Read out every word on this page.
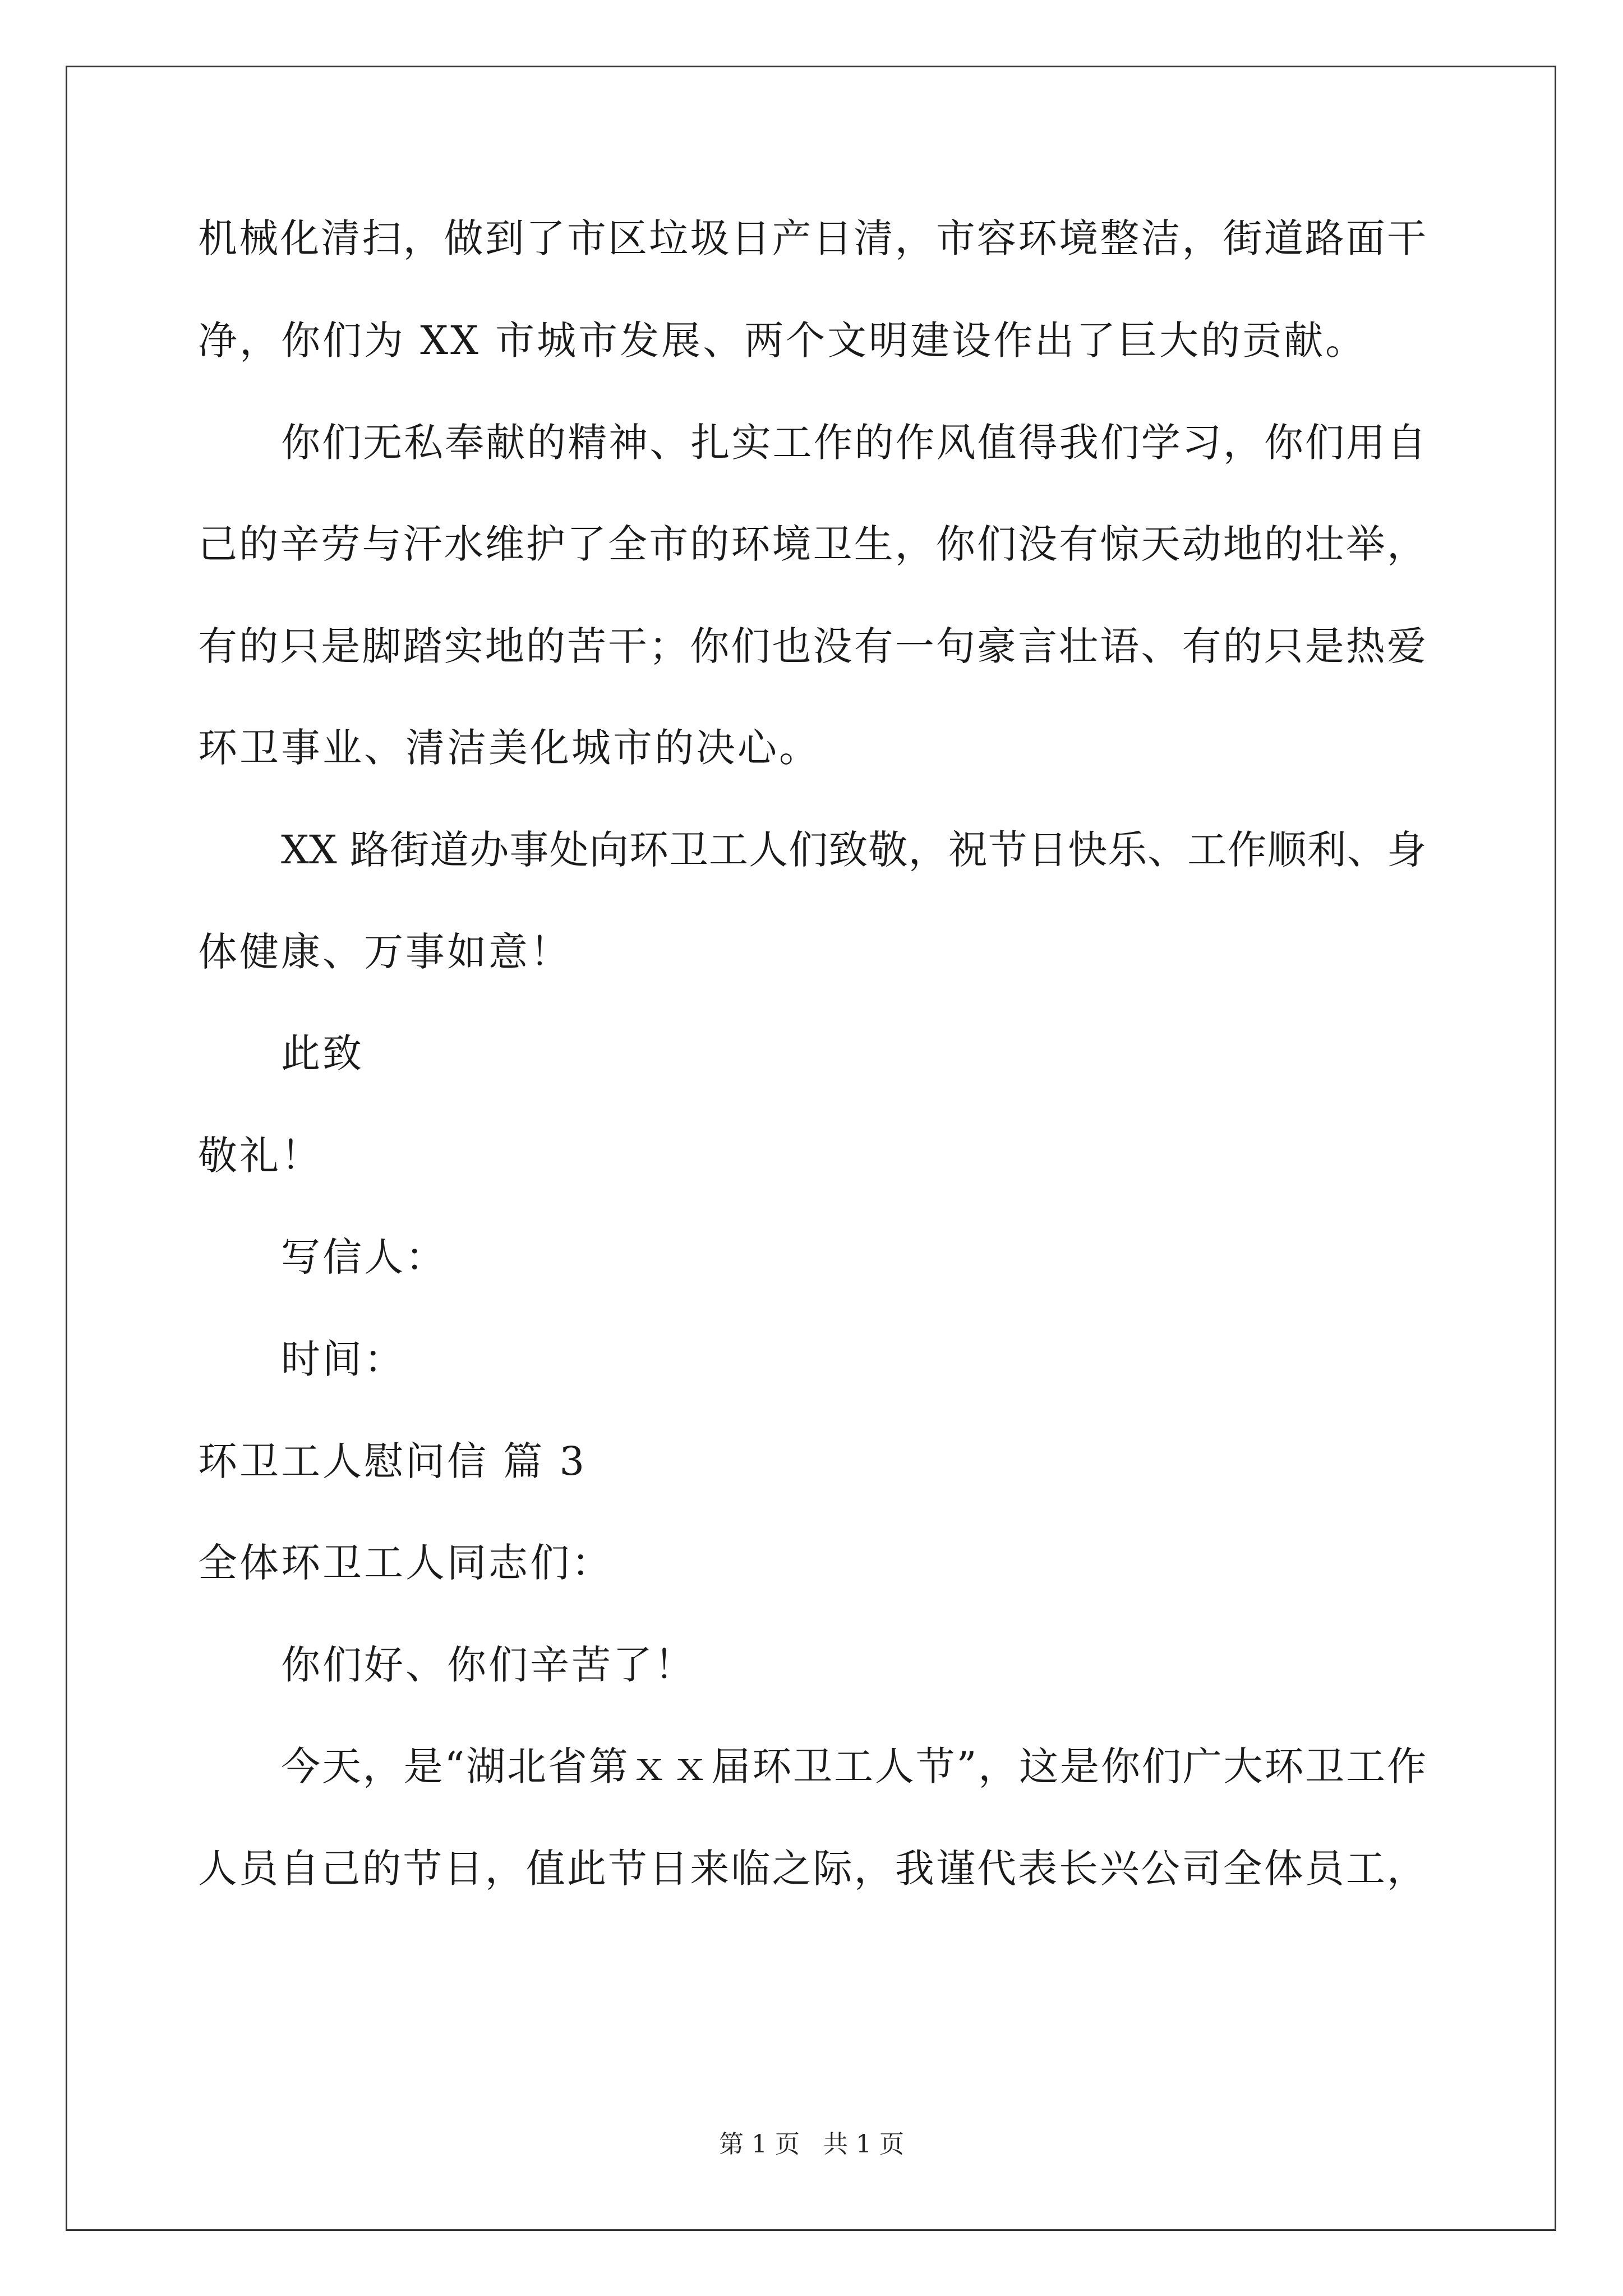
机械化清扫，做到了市区垃圾日产日清，市容环境整洁，街道路面干
净，你们为 XX 市城市发展、两个文明建设作出了巨大的贡献。
你们无私奉献的精神、扎实工作的作风值得我们学习，你们用自
己的辛劳与汗水维护了全市的环境卫生，你们没有惊天动地的壮举，
有的只是脚踏实地的苦干；你们也没有一句豪言壮语、有的只是热爱
环卫事业、清洁美化城市的决心。
XX 路街道办事处向环卫工人们致敬，祝节日快乐、工作顺利、身
体健康、万事如意！
此致
敬礼！
写信人：
时间：
环卫工人慰问信 篇 3
全体环卫工人同志们：
你们好、你们辛苦了！
今天，是“湖北省第ｘｘ届环卫工人节”，这是你们广大环卫工作
人员自己的节日，值此节日来临之际，我谨代表长兴公司全体员工，
第 1 页 共 1 页
